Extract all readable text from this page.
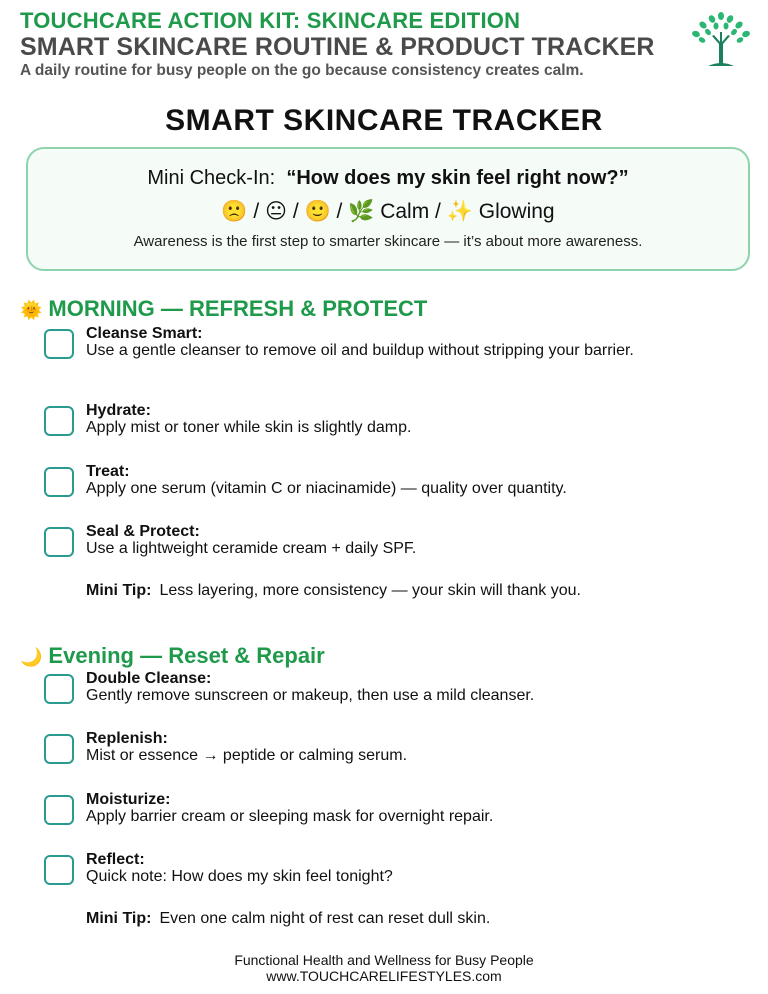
TOUCHCARE ACTION KIT: SKINCARE EDITION
SMART SKINCARE ROUTINE & PRODUCT TRACKER
A daily routine for busy people on the go because consistency creates calm.
SMART SKINCARE TRACKER
Mini Check-In: “How does my skin feel right now?”
🙁 / 😐 / 🙂 / 🌿 Calm / ✨ Glowing
Awareness is the first step to smarter skincare — it’s about more awareness.
🌞 MORNING — REFRESH & PROTECT
Cleanse Smart:
Use a gentle cleanser to remove oil and buildup without stripping your barrier.
Hydrate:
Apply mist or toner while skin is slightly damp.
Treat:
Apply one serum (vitamin C or niacinamide) — quality over quantity.
Seal & Protect:
Use a lightweight ceramide cream + daily SPF.
Mini Tip: Less layering, more consistency — your skin will thank you.
🌙 Evening — Reset & Repair
Double Cleanse:
Gently remove sunscreen or makeup, then use a mild cleanser.
Replenish:
Mist or essence → peptide or calming serum.
Moisturize:
Apply barrier cream or sleeping mask for overnight repair.
Reflect:
Quick note: How does my skin feel tonight?
Mini Tip: Even one calm night of rest can reset dull skin.
Functional Health and Wellness for Busy People
www.TOUCHCARELIFESTYLES.com
